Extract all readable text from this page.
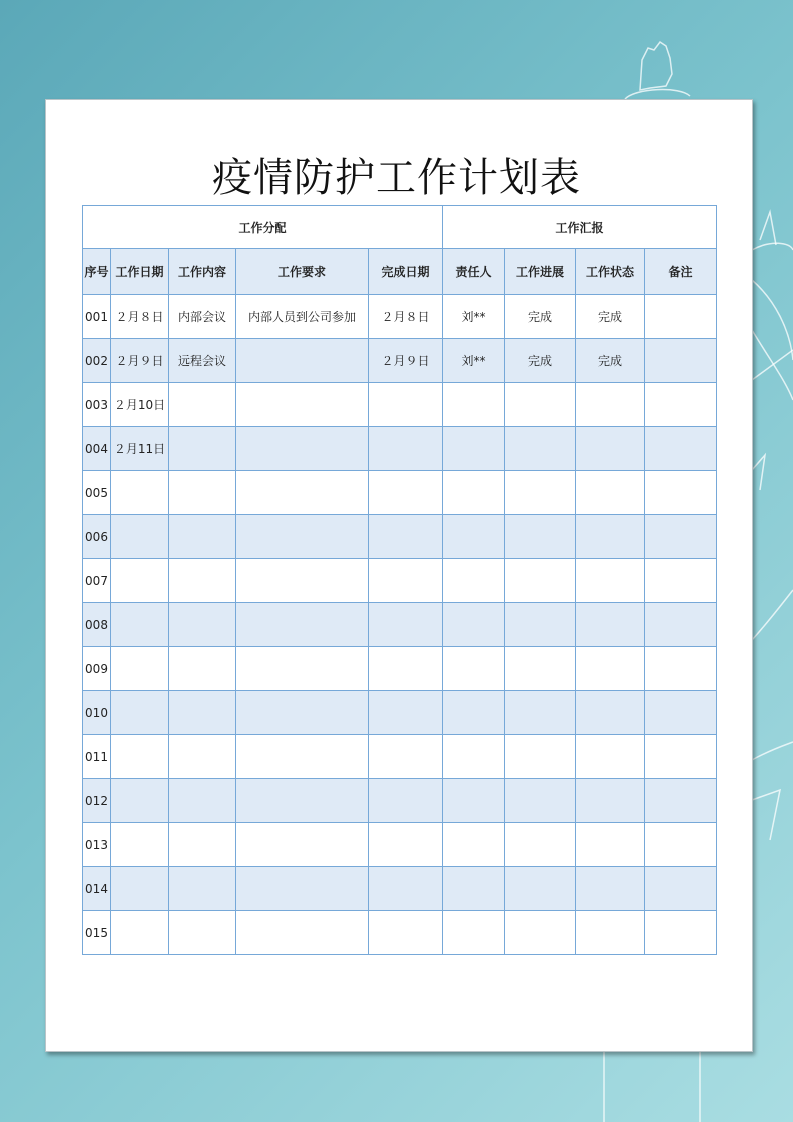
疫情防护工作计划表
工作分配					工作汇报			
序号	工作日期	工作内容	工作要求	完成日期	责任人	工作进展	工作状态	备注
001	２月８日	内部会议	内部人员到公司参加	２月８日	刘**	完成	完成	
002	２月９日	远程会议		２月９日	刘**	完成	完成	
003	２月10日							
004	２月11日							
005								
006								
007								
008								
009								
010								
011								
012								
013								
014								
015								
